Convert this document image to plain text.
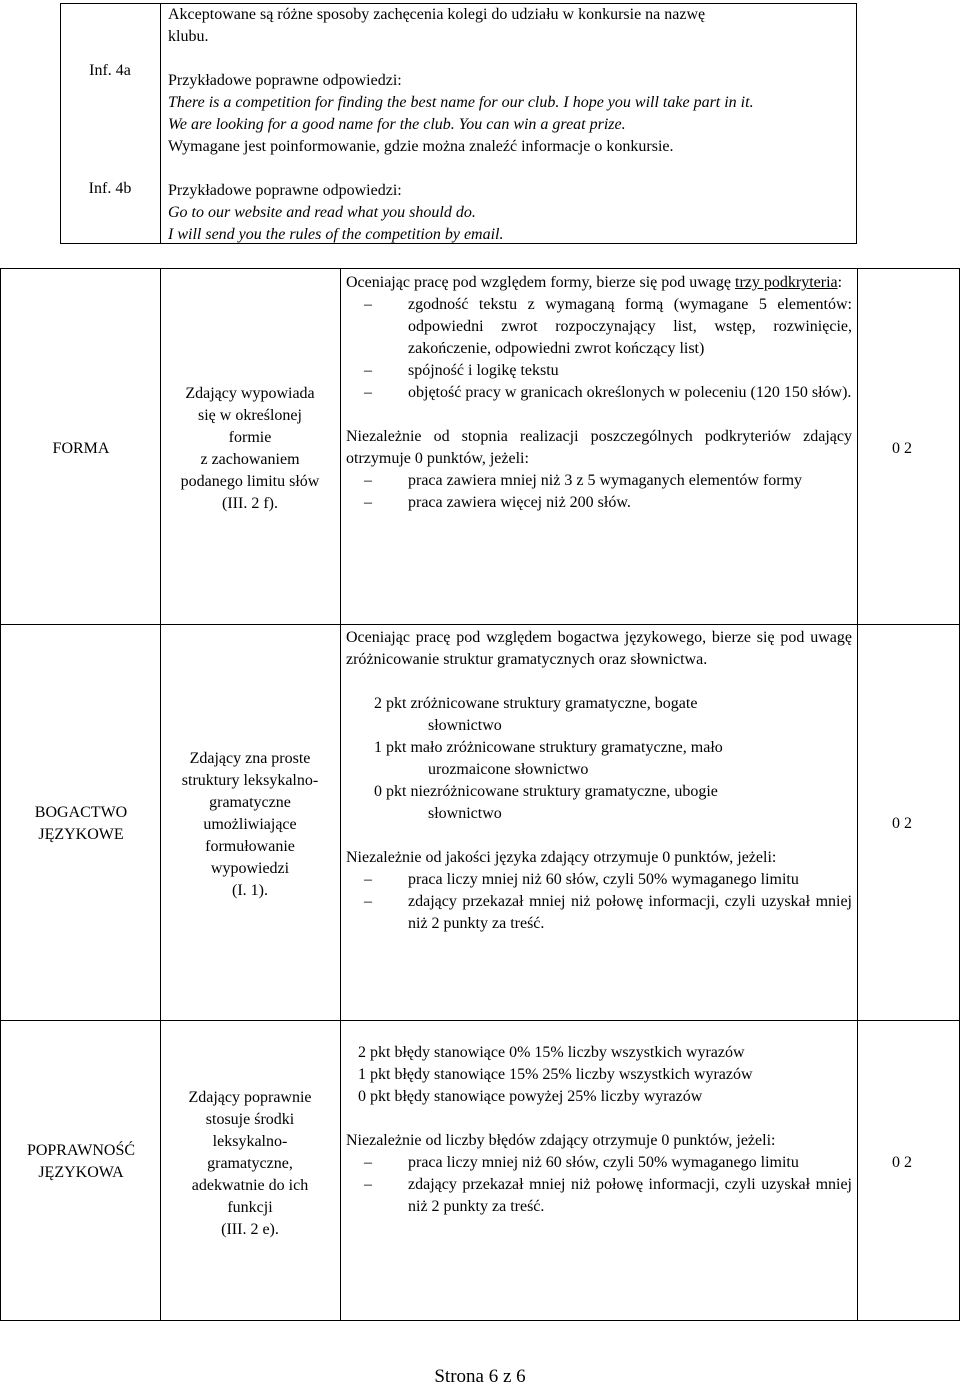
Inf. 4a
Inf. 4b

Akceptowane są różne sposoby zachęcenia kolegi do udziału w konkursie na nazwę

klubu.

Przykładowe poprawne odpowiedzi:

There is a competition for finding the best name for our club. I hope you will take part in it.

We are looking for a good name for the club. You can win a great prize.

Wymagane jest poinformowanie, gdzie można znaleźć informacje o konkursie.

Przykładowe poprawne odpowiedzi:

Go to our website and read what you should do.

I will send you the rules of the competition by email.

FORMA

Zdający wypowiada

się w określonej

formie

z zachowaniem

podanego limitu słów

(III. 2 f).

Oceniając pracę pod względem formy, bierze się pod uwagę trzy podkryteria:

– zgodność tekstu z wymaganą formą (wymagane 5 elementów: odpowiedni zwrot rozpoczynający list, wstęp, rozwinięcie, zakończenie, odpowiedni zwrot kończący list)
– spójność i logikę tekstu
– objętość pracy w granicach określonych w poleceniu (120 150 słów).

Niezależnie od stopnia realizacji poszczególnych podkryteriów zdający otrzymuje 0 punktów, jeżeli:

– praca zawiera mniej niż 3 z 5 wymaganych elementów formy
– praca zawiera więcej niż 200 słów.
0 2

BOGACTWO

JĘZYKOWE

Zdający zna proste

struktury leksykalno-

gramatyczne

umożliwiające

formułowanie

wypowiedzi

(I. 1).

Oceniając pracę pod względem bogactwa językowego, bierze się pod uwagę zróżnicowanie struktur gramatycznych oraz słownictwa.

2 pkt zróżnicowane struktury gramatyczne, bogate

słownictwo

1 pkt mało zróżnicowane struktury gramatyczne, mało

urozmaicone słownictwo

0 pkt niezróżnicowane struktury gramatyczne, ubogie

słownictwo

Niezależnie od jakości języka zdający otrzymuje 0 punktów, jeżeli:

– praca liczy mniej niż 60 słów, czyli 50% wymaganego limitu
– zdający przekazał mniej niż połowę informacji, czyli uzyskał mniej niż 2 punkty za treść.
0 2

POPRAWNOŚĆ

JĘZYKOWA

Zdający poprawnie

stosuje środki

leksykalno-

gramatyczne,

adekwatnie do ich

funkcji

(III. 2 e).

2 pkt błędy stanowiące 0% 15% liczby wszystkich wyrazów

1 pkt błędy stanowiące 15% 25% liczby wszystkich wyrazów

0 pkt błędy stanowiące powyżej 25% liczby wyrazów

Niezależnie od liczby błędów zdający otrzymuje 0 punktów, jeżeli:

– praca liczy mniej niż 60 słów, czyli 50% wymaganego limitu
– zdający przekazał mniej niż połowę informacji, czyli uzyskał mniej niż 2 punkty za treść.
0 2
Strona 6 z 6
